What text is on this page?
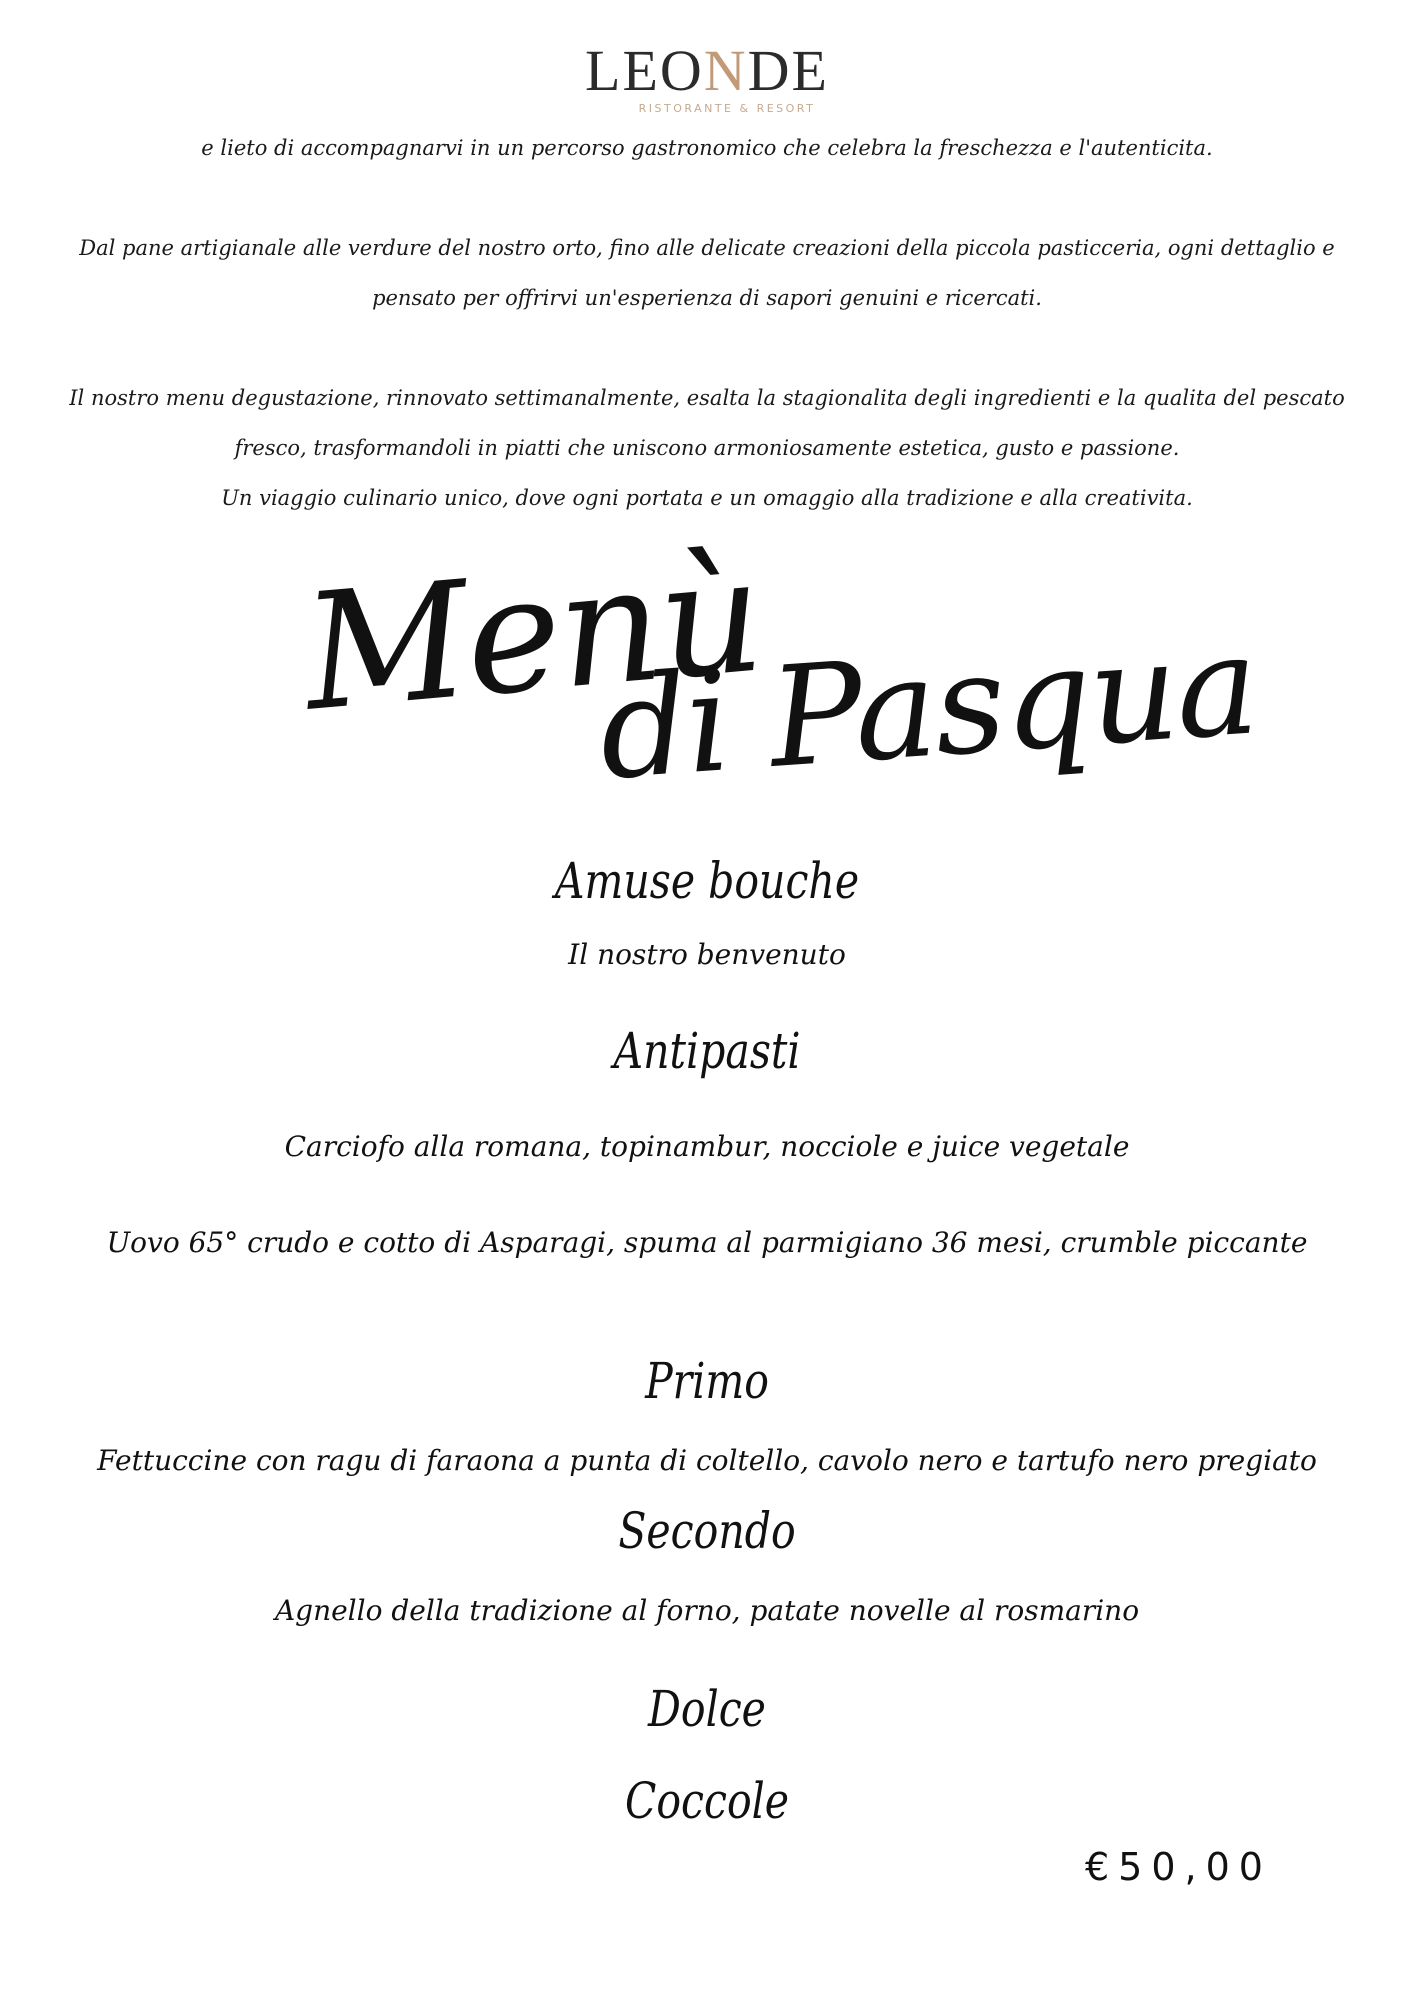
LEONDE
RISTORANTE & RESORT
e lieto di accompagnarvi in un percorso gastronomico che celebra la freschezza e l'autenticita.
Dal pane artigianale alle verdure del nostro orto, fino alle delicate creazioni della piccola pasticceria, ogni dettaglio e
pensato per offrirvi un'esperienza di sapori genuini e ricercati.
Il nostro menu degustazione, rinnovato settimanalmente, esalta la stagionalita degli ingredienti e la qualita del pescato
fresco, trasformandoli in piatti che uniscono armoniosamente estetica, gusto e passione.
Un viaggio culinario unico, dove ogni portata e un omaggio alla tradizione e alla creativita.
Menù
di Pasqua
Amuse bouche
Il nostro benvenuto
Antipasti
Carciofo alla romana, topinambur, nocciole e juice vegetale
Uovo 65° crudo e cotto di Asparagi, spuma al parmigiano 36 mesi, crumble piccante
Primo
Fettuccine con ragu di faraona a punta di coltello, cavolo nero e tartufo nero pregiato
Secondo
Agnello della tradizione al forno, patate novelle al rosmarino
Dolce
Coccole
€50,00
